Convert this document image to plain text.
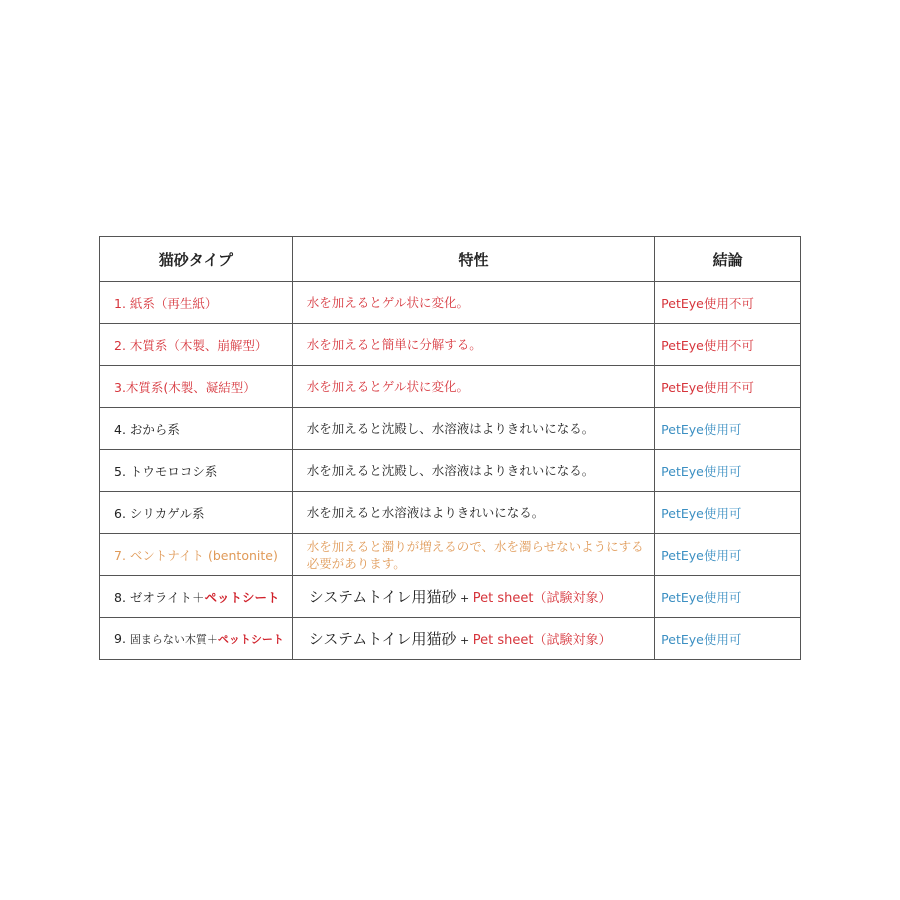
猫砂タイプ	特性	結論
1. 紙系（再生紙）	水を加えるとゲル状に変化。	PetEye使用不可
2. 木質系（木製、崩解型）	水を加えると簡単に分解する。	PetEye使用不可
3.木質系(木製、凝結型）	水を加えるとゲル状に変化。	PetEye使用不可
4. おから系	水を加えると沈殿し、水溶液はよりきれいになる。	PetEye使用可
5. トウモロコシ系	水を加えると沈殿し、水溶液はよりきれいになる。	PetEye使用可
6. シリカゲル系	水を加えると水溶液はよりきれいになる。	PetEye使用可
7. ベントナイト (bentonite)	水を加えると濁りが増えるので、水を濁らせないようにする必要があります。	PetEye使用可
8. ゼオライト＋ペットシート	システムトイレ用猫砂 + Pet sheet（試験対象）	PetEye使用可
9. 固まらない木質＋ペットシート	システムトイレ用猫砂 + Pet sheet（試験対象）	PetEye使用可
